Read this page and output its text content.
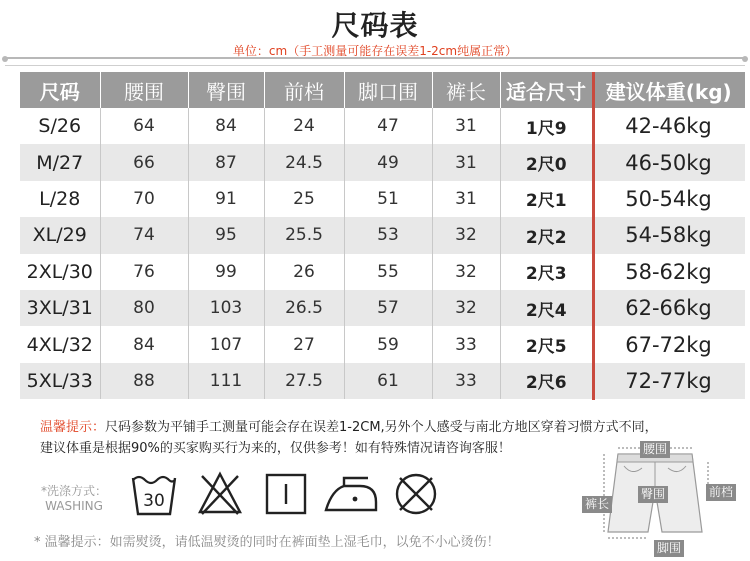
尺码表
单位：cm（手工测量可能存在误差1-2cm纯属正常）
尺码	腰围	臀围	前档	脚口围	裤长	适合尺寸	建议体重(kg)
S/26	64	84	24	47	31	1尺9	42-46kg
M/27	66	87	24.5	49	31	2尺0	46-50kg
L/28	70	91	25	51	31	2尺1	50-54kg
XL/29	74	95	25.5	53	32	2尺2	54-58kg
2XL/30	76	99	26	55	32	2尺3	58-62kg
3XL/31	80	103	26.5	57	32	2尺4	62-66kg
4XL/32	84	107	27	59	33	2尺5	67-72kg
5XL/33	88	111	27.5	61	33	2尺6	72-77kg
温馨提示：尺码参数为平铺手工测量可能会存在误差1-2CM,另外个人感受与南北方地区穿着习惯方式不同，
建议体重是根据90%的买家购买行为来的，仅供参考！如有特殊情况请咨询客服！
*洗涤方式：
WASHING	30
* 温馨提示：如需熨烫，请低温熨烫的同时在裤面垫上湿毛巾，以免不小心烫伤！
腰围
臀围
裤长
前档
脚围
